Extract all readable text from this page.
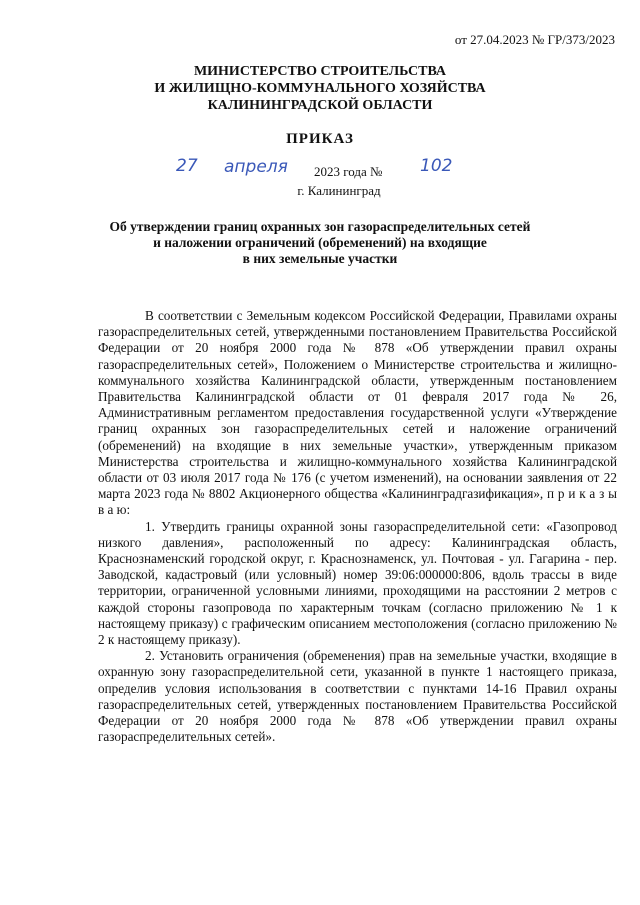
от 27.04.2023 № ГР/373/2023
МИНИСТЕРСТВО СТРОИТЕЛЬСТВА
И ЖИЛИЩНО-КОММУНАЛЬНОГО ХОЗЯЙСТВА
КАЛИНИНГРАДСКОЙ ОБЛАСТИ
ПРИКАЗ
27 апреля 2023 года № 102
г. Калининград
Об утверждении границ охранных зон газораспределительных сетей
и наложении ограничений (обременений) на входящие
в них земельные участки

В соответствии с Земельным кодексом Российской Федерации, Правилами охраны газораспределительных сетей, утвержденными постановлением Правительства Российской Федерации от 20 ноября 2000 года № 878 «Об утверждении правил охраны газораспределительных сетей», Положением о Министерстве строительства и жилищно-коммунального хозяйства Калининградской области, утвержденным постановлением Правительства Калининградской области от 01 февраля 2017 года № 26, Административным регламентом предоставления государственной услуги «Утверждение границ охранных зон газораспределительных сетей и наложение ограничений (обременений) на входящие в них земельные участки», утвержденным приказом Министерства строительства и жилищно-коммунального хозяйства Калининградской области от 03 июля 2017 года № 176 (с учетом изменений), на основании заявления от 22 марта 2023 года № 8802 Акционерного общества «Калининградгазификация», п р и к а з ы в а ю:

1. Утвердить границы охранной зоны газораспределительной сети: «Газопровод низкого давления», расположенный по адресу: Калининградская область, Краснознаменский городской округ, г. Краснознаменск, ул. Почтовая - ул. Гагарина - пер. Заводской, кадастровый (или условный) номер 39:06:000000:806, вдоль трассы в виде территории, ограниченной условными линиями, проходящими на расстоянии 2 метров с каждой стороны газопровода по характерным точкам (согласно приложению № 1 к настоящему приказу) с графическим описанием местоположения (согласно приложению № 2 к настоящему приказу).

2. Установить ограничения (обременения) прав на земельные участки, входящие в охранную зону газораспределительной сети, указанной в пункте 1 настоящего приказа, определив условия использования в соответствии с пунктами 14-16 Правил охраны газораспределительных сетей, утвержденных постановлением Правительства Российской Федерации от 20 ноября 2000 года № 878 «Об утверждении правил охраны газораспределительных сетей».
